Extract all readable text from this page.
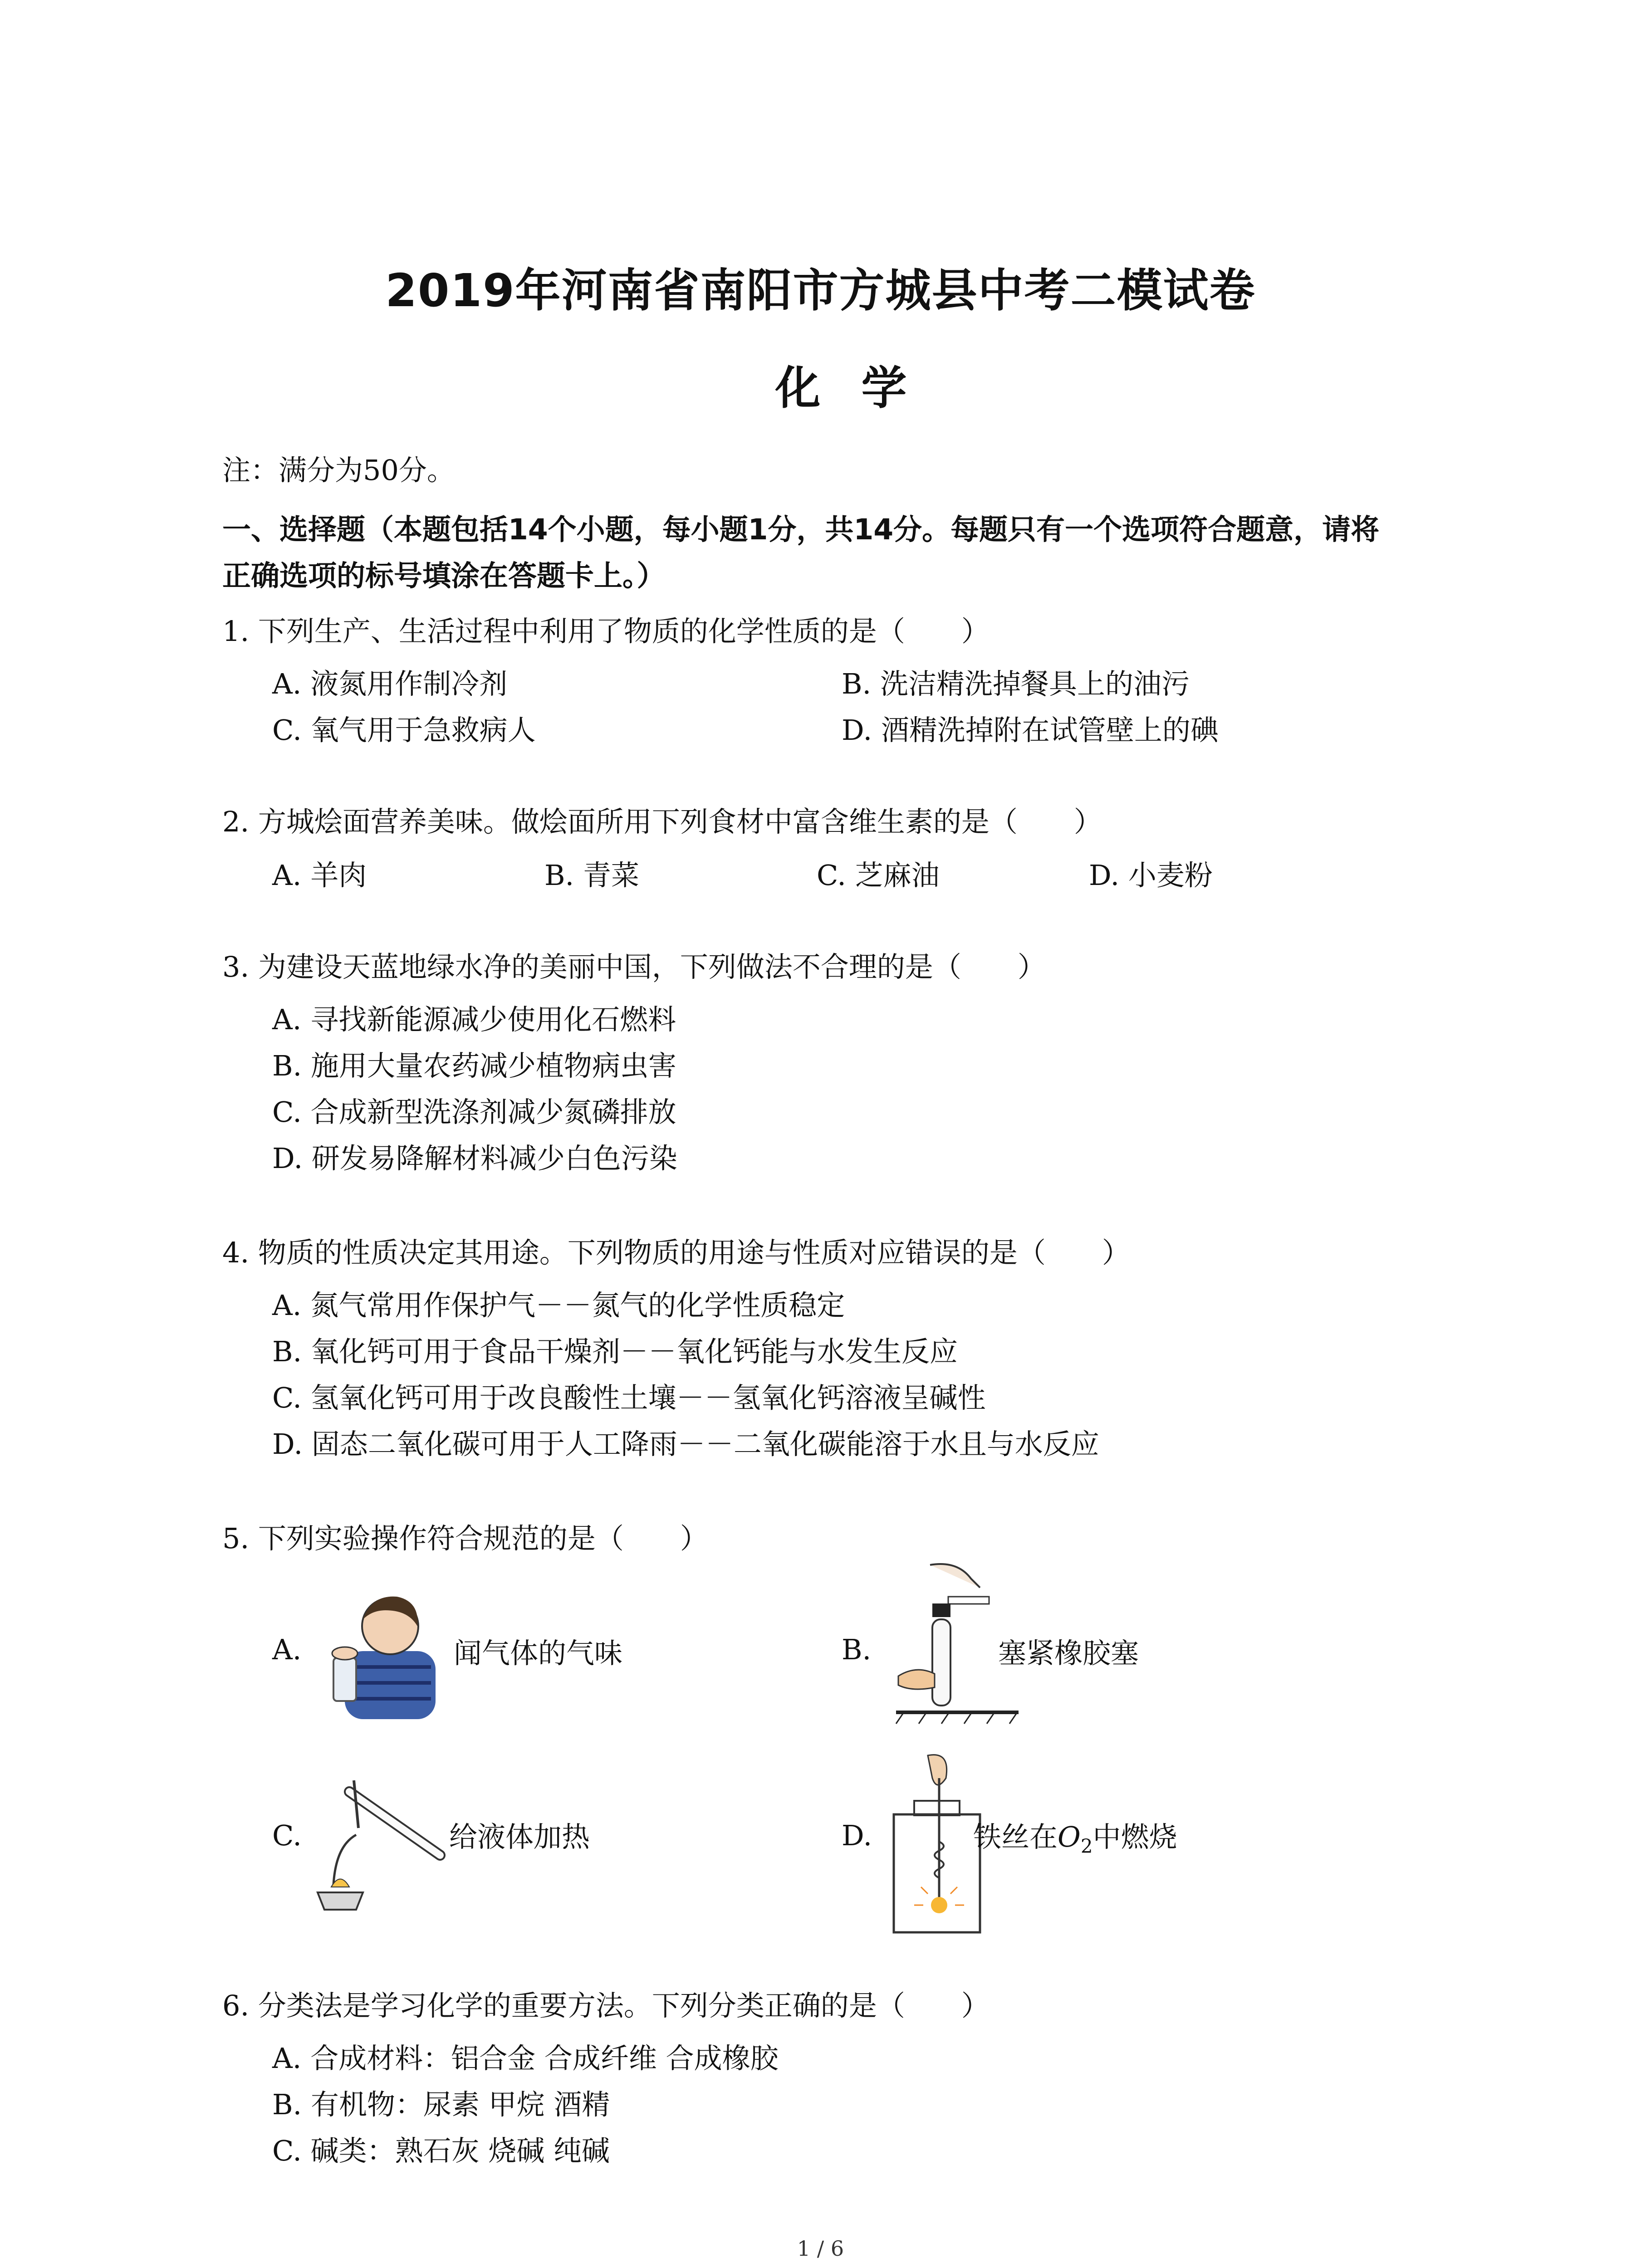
2019年河南省南阳市方城县中考二模试卷
化学
注：满分为50分。
一、选择题（本题包括14个小题，每小题1分，共14分。每题只有一个选项符合题意，请将
正确选项的标号填涂在答题卡上。）
1. 下列生产、生活过程中利用了物质的化学性质的是（　　）
A. 液氮用作制冷剂	B. 洗洁精洗掉餐具上的油污
C. 氧气用于急救病人	D. 酒精洗掉附在试管壁上的碘
2. 方城烩面营养美味。做烩面所用下列食材中富含维生素的是（　　）
A. 羊肉	B. 青菜	C. 芝麻油	D. 小麦粉
3. 为建设天蓝地绿水净的美丽中国，下列做法不合理的是（　　）
A. 寻找新能源减少使用化石燃料
B. 施用大量农药减少植物病虫害
C. 合成新型洗涤剂减少氮磷排放
D. 研发易降解材料减少白色污染
4. 物质的性质决定其用途。下列物质的用途与性质对应错误的是（　　）
A. 氮气常用作保护气－－氮气的化学性质稳定
B. 氧化钙可用于食品干燥剂－－氧化钙能与水发生反应
C. 氢氧化钙可用于改良酸性土壤－－氢氧化钙溶液呈碱性
D. 固态二氧化碳可用于人工降雨－－二氧化碳能溶于水且与水反应
5. 下列实验操作符合规范的是（　　）
A.	闻气体的气味	B.	塞紧橡胶塞
C.	给液体加热	D.	铁丝在$O_2$中燃烧
6. 分类法是学习化学的重要方法。下列分类正确的是（　　）
A. 合成材料：铝合金 合成纤维 合成橡胶
B. 有机物：尿素 甲烷 酒精
C. 碱类：熟石灰 烧碱 纯碱
1 / 6
